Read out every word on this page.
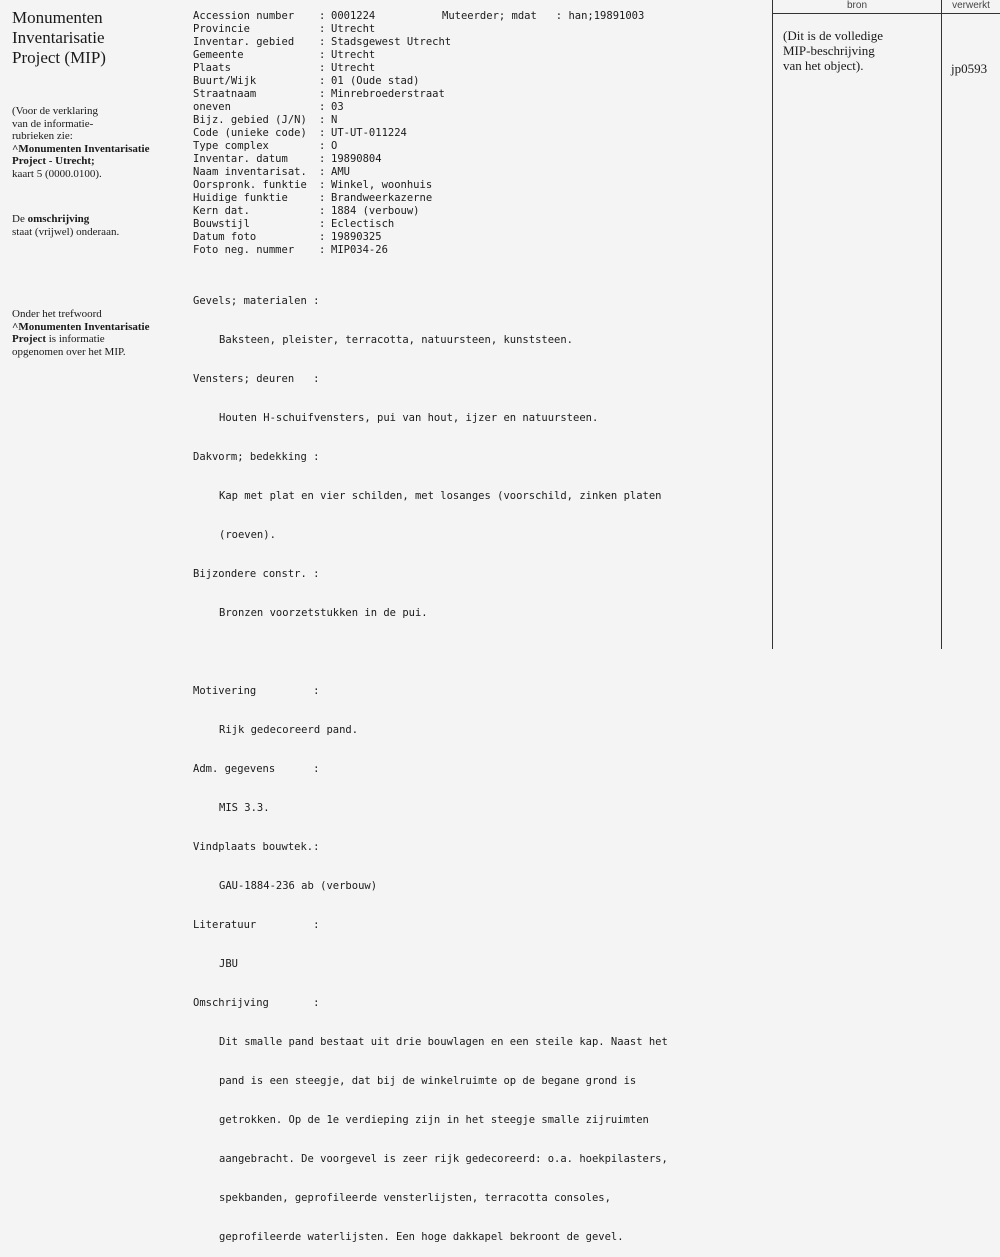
Monumenten
Inventarisatie
Project (MIP)
(Voor de verklaring
van de informatie-
rubrieken zie:
^Monumenten Inventarisatie
Project - Utrecht;
kaart 5 (0000.0100).
De omschrijving
staat (vrijwel) onderaan.
Onder het trefwoord
^Monumenten Inventarisatie
Project is informatie
opgenomen over het MIP.
Muteerder; mdat : han;19891003
Accession number	: 0001224
Provincie	: Utrecht
Inventar. gebied	: Stadsgewest Utrecht
Gemeente	: Utrecht
Plaats	: Utrecht
Buurt/Wijk	: 01 (Oude stad)
Straatnaam	: Minrebroederstraat
oneven	: 03
Bijz. gebied (J/N)	: N
Code (unieke code)	: UT-UT-011224
Type complex	: O
Inventar. datum	: 19890804
Naam inventarisat.	: AMU
Oorspronk. funktie	: Winkel, woonhuis
Huidige funktie	: Brandweerkazerne
Kern dat.	: 1884 (verbouw)
Bouwstijl	: Eclectisch
Datum foto	: 19890325
Foto neg. nummer	: MIP034-26

Gevels; materialen :

Baksteen, pleister, terracotta, natuursteen, kunststeen.

Vensters; deuren   :

Houten H-schuifvensters, pui van hout, ijzer en natuursteen.

Dakvorm; bedekking :

Kap met plat en vier schilden, met losanges (voorschild, zinken platen

(roeven).

Bijzondere constr. :

Bronzen voorzetstukken in de pui.

Motivering         :

Rijk gedecoreerd pand.

Adm. gegevens      :

MIS 3.3.

Vindplaats bouwtek.:

GAU-1884-236 ab (verbouw)

Literatuur         :

JBU

Omschrijving       :

Dit smalle pand bestaat uit drie bouwlagen en een steile kap. Naast het

pand is een steegje, dat bij de winkelruimte op de begane grond is

getrokken. Op de 1e verdieping zijn in het steegje smalle zijruimten

aangebracht. De voorgevel is zeer rijk gedecoreerd: o.a. hoekpilasters,

spekbanden, geprofileerde vensterlijsten, terracotta consoles,

geprofileerde waterlijsten. Een hoge dakkapel bekroont de gevel.

bron	verwerkt
(Dit is de volledige
MIP-beschrijving
van het object).	jp0593
